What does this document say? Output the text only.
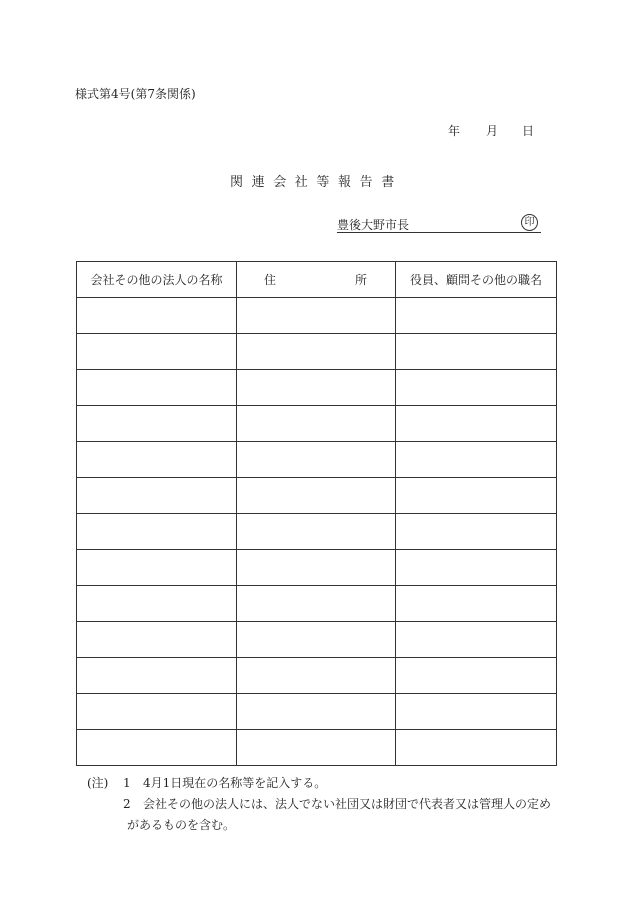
様式第4号(第7条関係)
年	月	日
関連会社等報告書
豊後大野市長	印
会社その他の法人の名称	住 所	役員、顧問その他の職名

(注)	1	4月1日現在の名称等を記入する。
2	会社その他の法人には、法人でない社団又は財団で代表者又は管理人の定め
があるものを含む。
